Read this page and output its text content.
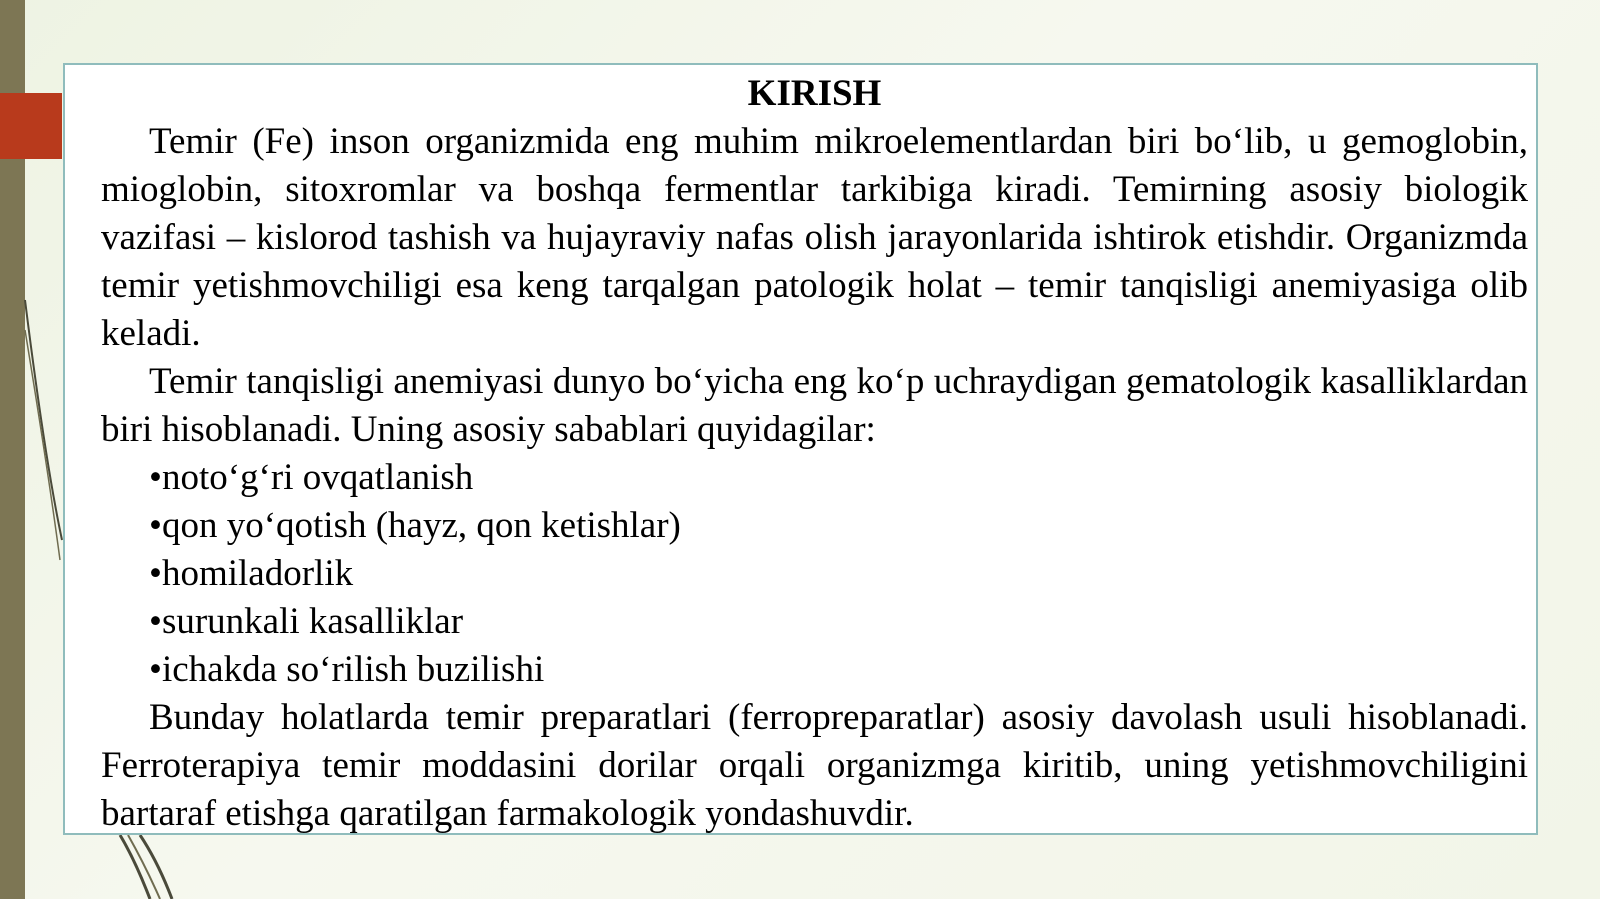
KIRISH

Temir (Fe) inson organizmida eng muhim mikroelementlardan biri bo‘lib, u gemoglobin, mioglobin, sitoxromlar va boshqa fermentlar tarkibiga kiradi. Temirning asosiy biologik vazifasi – kislorod tashish va hujayraviy nafas olish jarayonlarida ishtirok etishdir. Organizmda temir yetishmovchiligi esa keng tarqalgan patologik holat – temir tanqisligi anemiyasiga olib keladi.

Temir tanqisligi anemiyasi dunyo bo‘yicha eng ko‘p uchraydigan gematologik kasalliklardan biri hisoblanadi. Uning asosiy sabablari quyidagilar:

•noto‘g‘ri ovqatlanish
•qon yo‘qotish (hayz, qon ketishlar)
•homiladorlik
•surunkali kasalliklar
•ichakda so‘rilish buzilishi

Bunday holatlarda temir preparatlari (ferropreparatlar) asosiy davolash usuli hisoblanadi. Ferroterapiya temir moddasini dorilar orqali organizmga kiritib, uning yetishmovchiligini bartaraf etishga qaratilgan farmakologik yondashuvdir.
